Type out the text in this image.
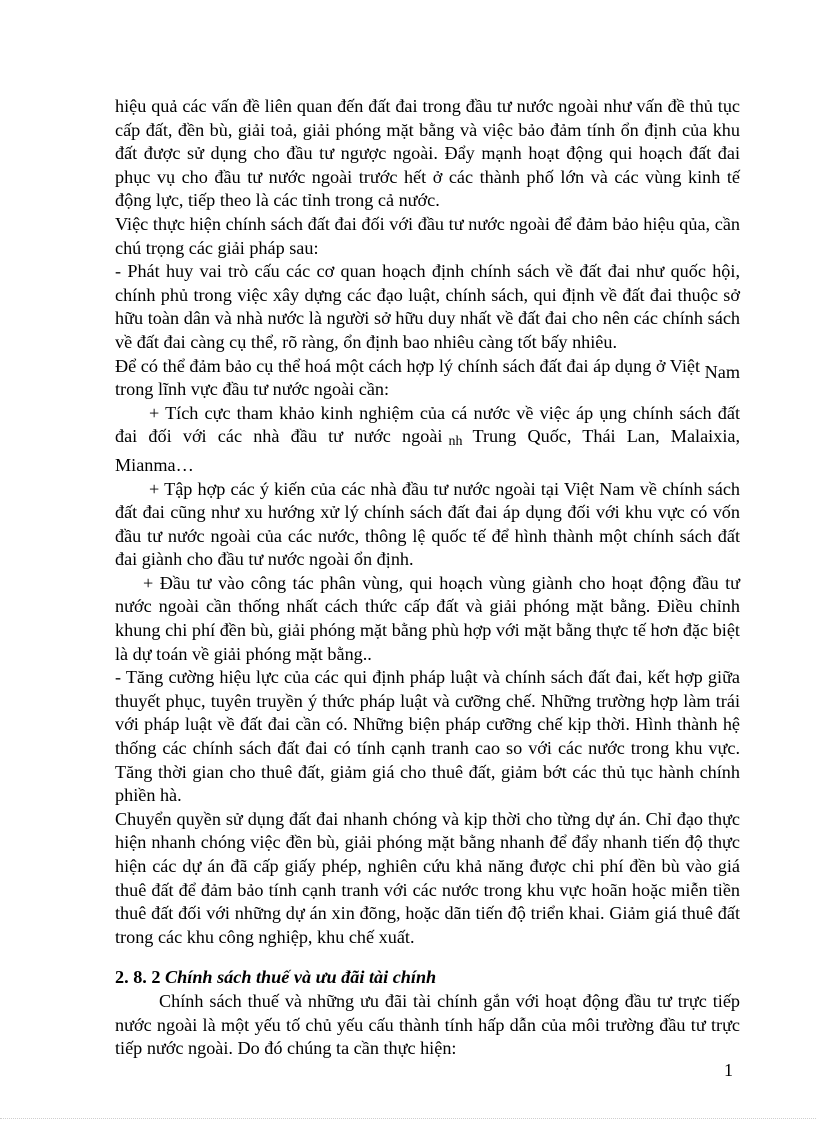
hiệu quả các vấn đề liên quan đến đất đai trong đầu tư nước ngoài như vấn đề thủ tục cấp đất, đền bù, giải toả, giải phóng mặt bằng và việc bảo đảm tính ổn định của khu đất được sử dụng cho đầu tư ngược ngoài. Đẩy mạnh hoạt động qui hoạch đất đai phục vụ cho đầu tư nước ngoài trước hết ở các thành phố lớn và các vùng kinh tế động lực, tiếp theo là các tỉnh trong cả nước.

Việc thực hiện chính sách đất đai đối với đầu tư nước ngoài để đảm bảo hiệu qủa, cần chú trọng các giải pháp sau:

- Phát huy vai trò cấu các cơ quan hoạch định chính sách về đất đai như quốc hội, chính phủ trong việc xây dựng các đạo luật, chính sách, qui định về đất đai thuộc sở hữu toàn dân và nhà nước là người sở hữu duy nhất về đất đai cho nên các chính sách về đất đai càng cụ thể, rõ ràng, ổn định bao nhiêu càng tốt bấy nhiêu.

Để có thể đảm bảo cụ thể hoá một cách hợp lý chính sách đất đai áp dụng ở Việt Nam trong lĩnh vực đầu tư nước ngoài cần:

+ Tích cực tham khảo kinh nghiệm của cá nước về việc áp ụng chính sách đất đai đối với các nhà đầu tư nước ngoài nh Trung Quốc, Thái Lan, Malaixia, Mianma…

+ Tập hợp các ý kiến của các nhà đầu tư nước ngoài tại Việt Nam về chính sách đất đai cũng như xu hướng xử lý chính sách đất đai áp dụng đối với khu vực có vốn đầu tư nước ngoài của các nước, thông lệ quốc tế để hình thành một chính sách đất đai giành cho đầu tư nước ngoài ổn định.

+ Đầu tư vào công tác phân vùng, qui hoạch vùng giành cho hoạt động đầu tư nước ngoài cần thống nhất cách thức cấp đất và giải phóng mặt bằng. Điều chỉnh khung chi phí đền bù, giải phóng mặt bằng phù hợp với mặt bằng thực tế hơn đặc biệt là dự toán về giải phóng mặt bằng..

- Tăng cường hiệu lực của các qui định pháp luật và chính sách đất đai, kết hợp giữa thuyết phục, tuyên truyền ý thức pháp luật và cưỡng chế. Những trường hợp làm trái với pháp luật về đất đai cần có. Những biện pháp cưỡng chế kịp thời. Hình thành hệ thống các chính sách đất đai có tính cạnh tranh cao so với các nước trong khu vực. Tăng thời gian cho thuê đất, giảm giá cho thuê đất, giảm bớt các thủ tục hành chính phiền hà.

Chuyển quyền sử dụng đất đai nhanh chóng và kịp thời cho từng dự án. Chỉ đạo thực hiện nhanh chóng việc đền bù, giải phóng mặt bằng nhanh để đẩy nhanh tiến độ thực hiện các dự án đã cấp giấy phép, nghiên cứu khả năng được chi phí đền bù vào giá thuê đất để đảm bảo tính cạnh tranh với các nước trong khu vực hoãn hoặc miễn tiền thuê đất đối với những dự án xin đõng, hoặc dãn tiến độ triển khai. Giảm giá thuê đất trong các khu công nghiệp, khu chế xuất.

2. 8. 2 Chính sách thuế và ưu đãi tài chính

Chính sách thuế và những ưu đãi tài chính gắn với hoạt động đầu tư trực tiếp nước ngoài là một yếu tố chủ yếu cấu thành tính hấp dẫn của môi trường đầu tư trực tiếp nước ngoài. Do đó chúng ta cần thực hiện:

1
